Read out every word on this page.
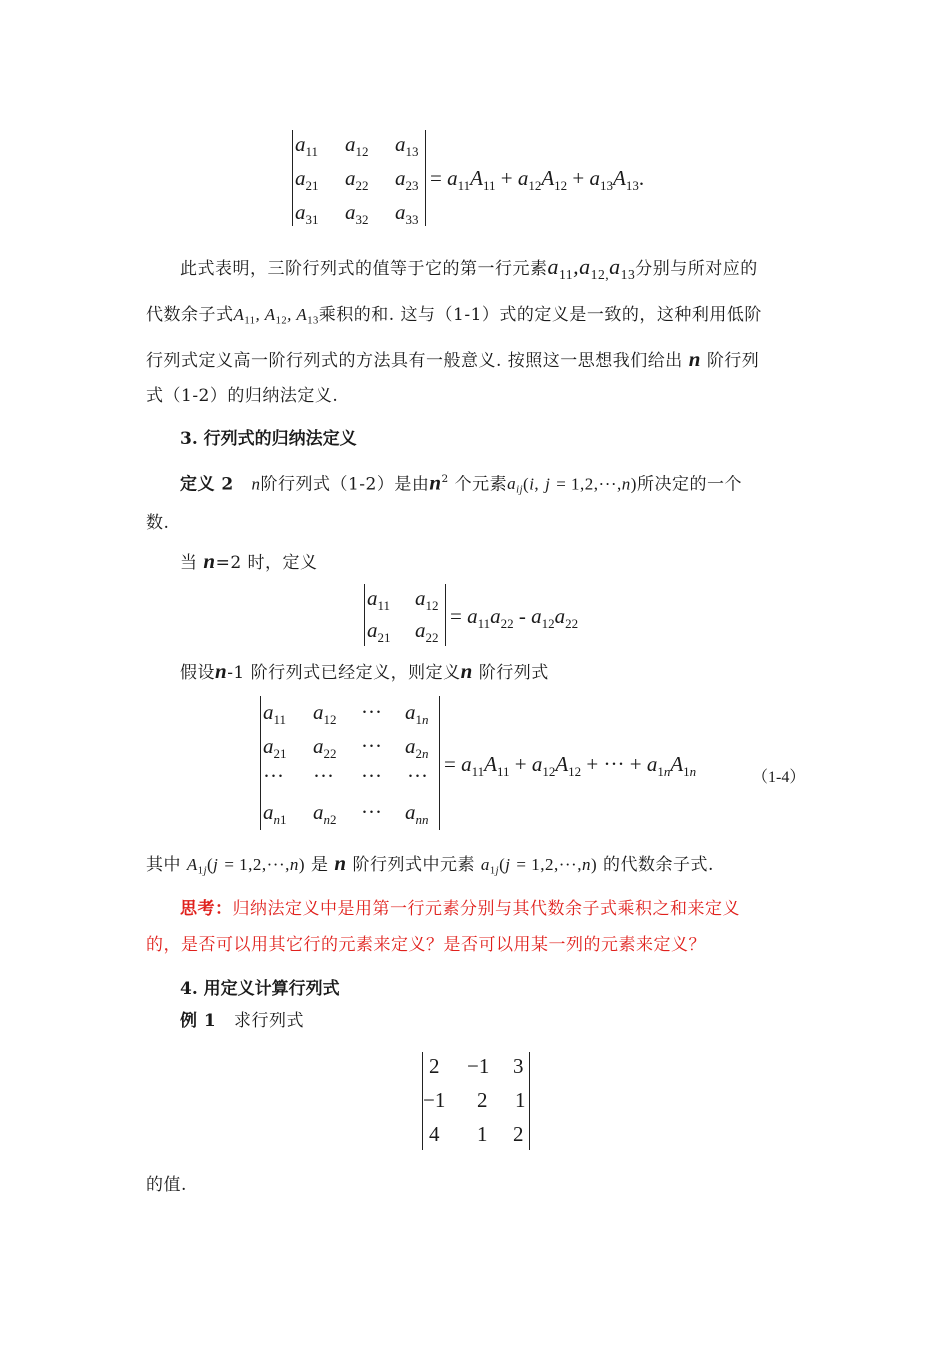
$a_{11}$ $a_{12}$ $a_{13}$
$a_{21}$ $a_{22}$ $a_{23}$
$a_{31}$ $a_{32}$ $a_{33}$
= $a_{11}A_{11} + a_{12}A_{12} + a_{13}A_{13}$.
此式表明，三阶行列式的值等于它的第一行元素$a_{11},a_{12,}a_{13}$分别与所对应的
代数余子式$A_{11}$, $A_{12}$, $A_{13}$乘积的和. 这与（1-1）式的定义是一致的，这种利用低阶
行列式定义高一阶行列式的方法具有一般意义. 按照这一思想我们给出 n 阶行列
式（1-2）的归纳法定义.
3. 行列式的归纳法定义
定义 2 n阶行列式（1-2）是由$n^2$ 个元素$a_{ij}(i$, j = 1,2,···,n)所决定的一个
数.
当 n=2 时，定义
$a_{11}$ $a_{12}$
$a_{21}$ $a_{22}$
= $a_{11}a_{22} - a_{12}a_{22}$
假设n-1 阶行列式已经定义，则定义n 阶行列式
$a_{11}$ $a_{12}$ ··· $a_{1n}$
$a_{21}$ $a_{22}$ ··· $a_{2n}$
··· ··· ··· ···
$a_{n1}$ $a_{n2}$ ··· $a_{nn}$
= $a_{11}A_{11} + a_{12}A_{12}$ + ··· + $a_{1n}A_{1n}$	（1-4）
其中 $A_{1j}(j = 1,2,\cdot\cdot\cdot,n)$ 是 n 阶行列式中元素 $a_{1j}(j = 1,2,\cdot\cdot\cdot,n)$ 的代数余子式.
思考：归纳法定义中是用第一行元素分别与其代数余子式乘积之和来定义
的，是否可以用其它行的元素来定义？是否可以用某一列的元素来定义？
4. 用定义计算行列式
例 1 求行列式
2 −1 3
−1 2 1
4 1 2
的值.
